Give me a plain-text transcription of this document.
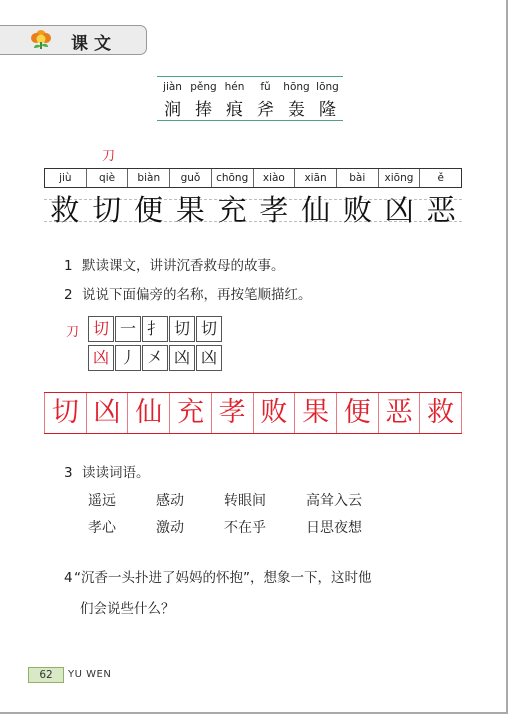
课文
jiàn pěng hén	fǔ	hōng lōng
涧 捧 痕 斧 轰 隆
刀
jiù	qiè	biàn	guǒ	chōng	xiào	xiān	bài	xiōng	ě
救 切 便 果 充 孝 仙 败 凶 恶
1 默读课文，讲讲沉香救母的故事。
2 说说下面偏旁的名称，再按笔顺描红。
刀 切 一 扌 切 切
凶 丿 㐅 凶 凶
切 凶 仙 充 孝 败 果 便 恶 救
3 读读词语。
遥远	感动	转眼间	高耸入云
孝心	激动	不在乎	日思夜想
4“沉香一头扑进了妈妈的怀抱”，想象一下，这时他
们会说些什么？
62	YU WEN
